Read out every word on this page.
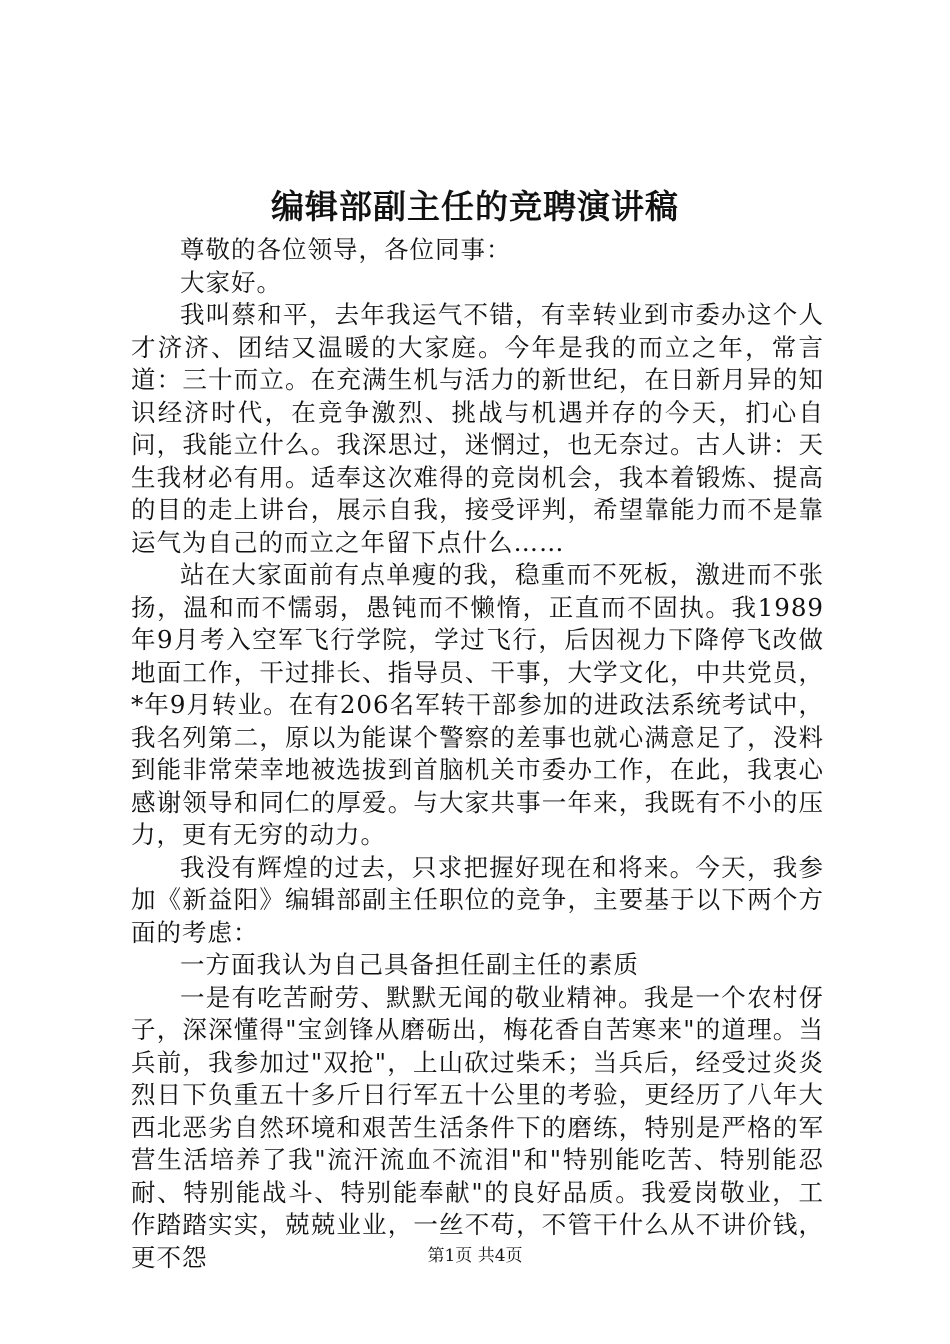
编辑部副主任的竞聘演讲稿

尊敬的各位领导，各位同事：

大家好。

我叫蔡和平，去年我运气不错，有幸转业到市委办这个人才济济、团结又温暖的大家庭。今年是我的而立之年，常言道：三十而立。在充满生机与活力的新世纪，在日新月异的知识经济时代，在竞争激烈、挑战与机遇并存的今天，扪心自问，我能立什么。我深思过，迷惘过，也无奈过。古人讲：天生我材必有用。适奉这次难得的竞岗机会，我本着锻炼、提高的目的走上讲台，展示自我，接受评判，希望靠能力而不是靠运气为自己的而立之年留下点什么……

站在大家面前有点单瘦的我，稳重而不死板，激进而不张扬，温和而不懦弱，愚钝而不懒惰，正直而不固执。我1989年9月考入空军飞行学院，学过飞行，后因视力下降停飞改做地面工作，干过排长、指导员、干事，大学文化，中共党员，*年9月转业。在有206名军转干部参加的进政法系统考试中，我名列第二，原以为能谋个警察的差事也就心满意足了，没料到能非常荣幸地被选拔到首脑机关市委办工作，在此，我衷心感谢领导和同仁的厚爱。与大家共事一年来，我既有不小的压力，更有无穷的动力。

我没有辉煌的过去，只求把握好现在和将来。今天，我参加《新益阳》编辑部副主任职位的竞争，主要基于以下两个方面的考虑：

一方面我认为自己具备担任副主任的素质

一是有吃苦耐劳、默默无闻的敬业精神。我是一个农村伢子，深深懂得"宝剑锋从磨砺出，梅花香自苦寒来"的道理。当兵前，我参加过"双抢"，上山砍过柴禾；当兵后，经受过炎炎烈日下负重五十多斤日行军五十公里的考验，更经历了八年大西北恶劣自然环境和艰苦生活条件下的磨练，特别是严格的军营生活培养了我"流汗流血不流泪"和"特别能吃苦、特别能忍耐、特别能战斗、特别能奉献"的良好品质。我爱岗敬业，工作踏踏实实，兢兢业业，一丝不苟，不管干什么从不讲价钱，更不怨	第1页 共4页
